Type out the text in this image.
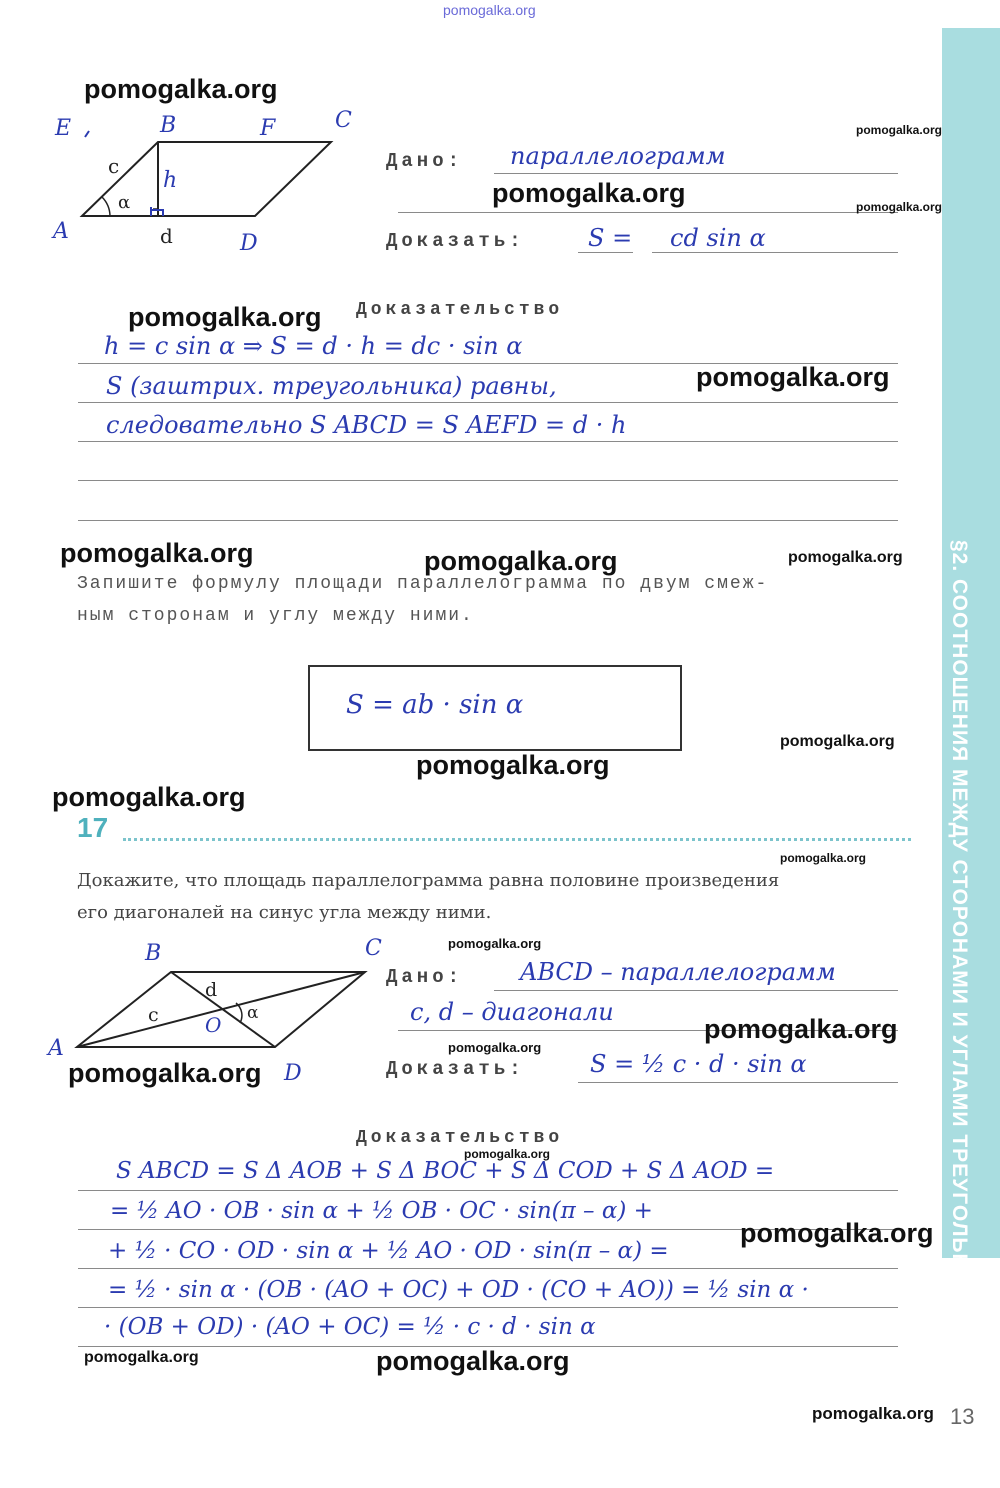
§2. СООТНОШЕНИЯ МЕЖДУ СТОРОНАМИ И УГЛАМИ ТРЕУГОЛЬНИКА
pomogalka.org
A
B	C
D
E	F
c
h
d
α
Дано: параллелограмм
Доказать:	S = cd sin α
Доказательство
h = c sin α ⇒ S = d · h = dc · sin α
S (заштрих. треугольника) равны,
следовательно S ABCD = S AEFD = d · h
Запишите формулу площади параллелограмма по двум смеж-
ным сторонам и углу между ними.
S = ab · sin α
17
Докажите, что площадь параллелограмма равна половине произведения
его диагоналей на синус угла между ними.
A
B	C
D
O
c
d
α
Дано: ABCD – параллелограмм
c, d – диагонали
Доказать:	S = ½ c · d · sin α
Доказательство
S ABCD = S Δ AOB + S Δ BOC + S Δ COD + S Δ AOD =
= ½ AO · OB · sin α + ½ OB · OC · sin(π – α) +
+ ½ · CO · OD · sin α + ½ AO · OD · sin(π – α) =
= ½ · sin α · (OB · (AO + OC) + OD · (CO + AO)) = ½ sin α ·
· (OB + OD) · (AO + OC) = ½ · c · d · sin α
13
pomogalka.org
pomogalka.org
pomogalka.org	pomogalka.org
pomogalka.org
pomogalka.org
pomogalka.org	pomogalka.org	pomogalka.org
pomogalka.org
pomogalka.org
pomogalka.org
pomogalka.org
pomogalka.org
pomogalka.org
pomogalka.org
pomogalka.org
pomogalka.org
pomogalka.org
pomogalka.org	pomogalka.org
pomogalka.org
